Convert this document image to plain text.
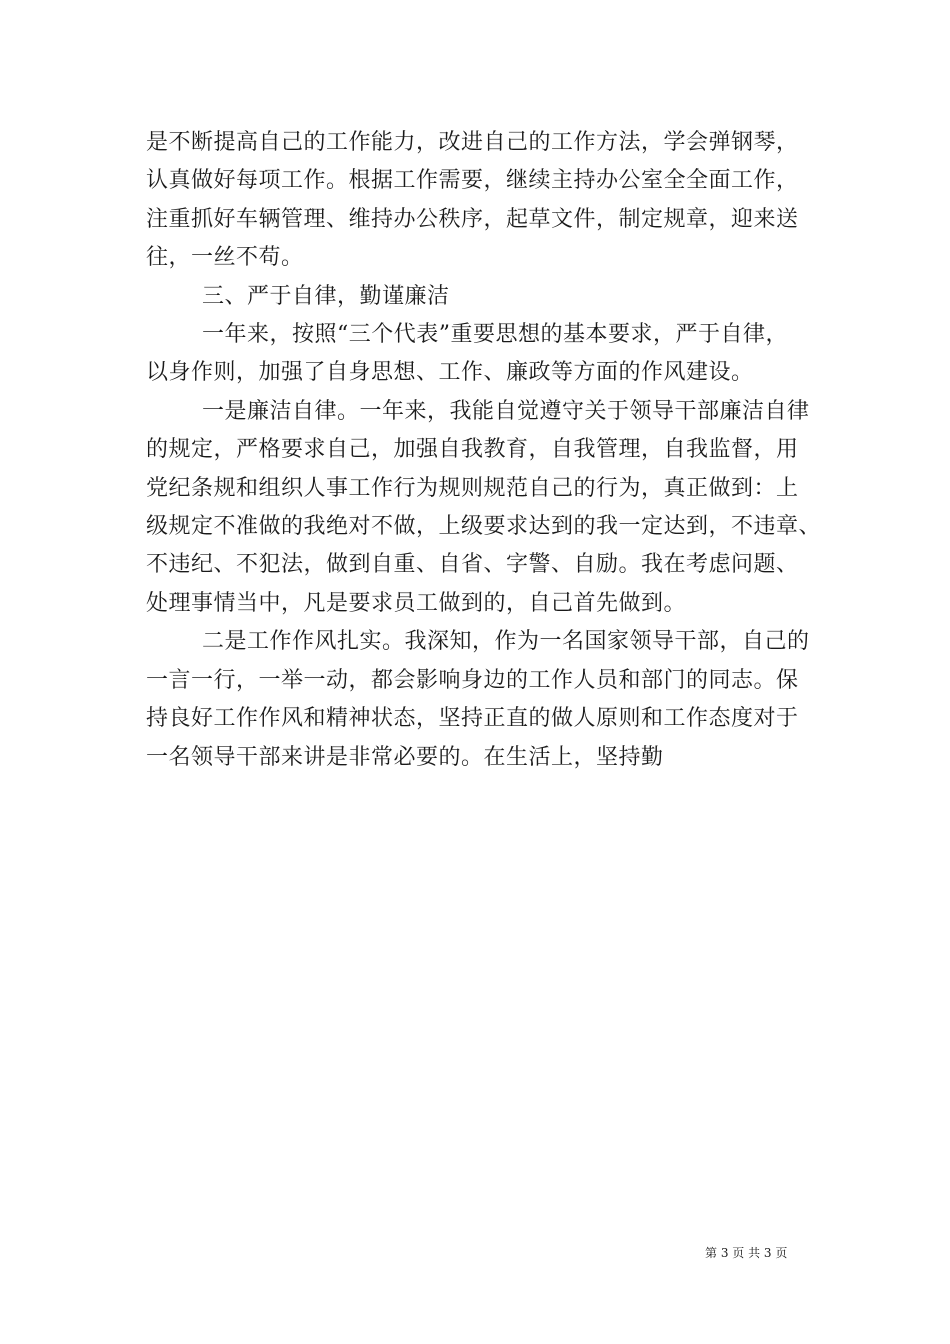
是不断提高自己的工作能力，改进自己的工作方法，学会弹钢琴，
认真做好每项工作。根据工作需要，继续主持办公室全全面工作，
注重抓好车辆管理、维持办公秩序，起草文件，制定规章，迎来送
往，一丝不苟。

三、严于自律，勤谨廉洁

一年来，按照“三个代表”重要思想的基本要求，严于自律，
以身作则，加强了自身思想、工作、廉政等方面的作风建设。

一是廉洁自律。一年来，我能自觉遵守关于领导干部廉洁自律
的规定，严格要求自己，加强自我教育，自我管理，自我监督，用
党纪条规和组织人事工作行为规则规范自己的行为，真正做到：上
级规定不准做的我绝对不做，上级要求达到的我一定达到，不违章、
不违纪、不犯法，做到自重、自省、字警、自励。我在考虑问题、
处理事情当中，凡是要求员工做到的，自己首先做到。

二是工作作风扎实。我深知，作为一名国家领导干部，自己的
一言一行，一举一动，都会影响身边的工作人员和部门的同志。保
持良好工作作风和精神状态，坚持正直的做人原则和工作态度对于
一名领导干部来讲是非常必要的。在生活上，坚持勤

第 3 页 共 3 页
